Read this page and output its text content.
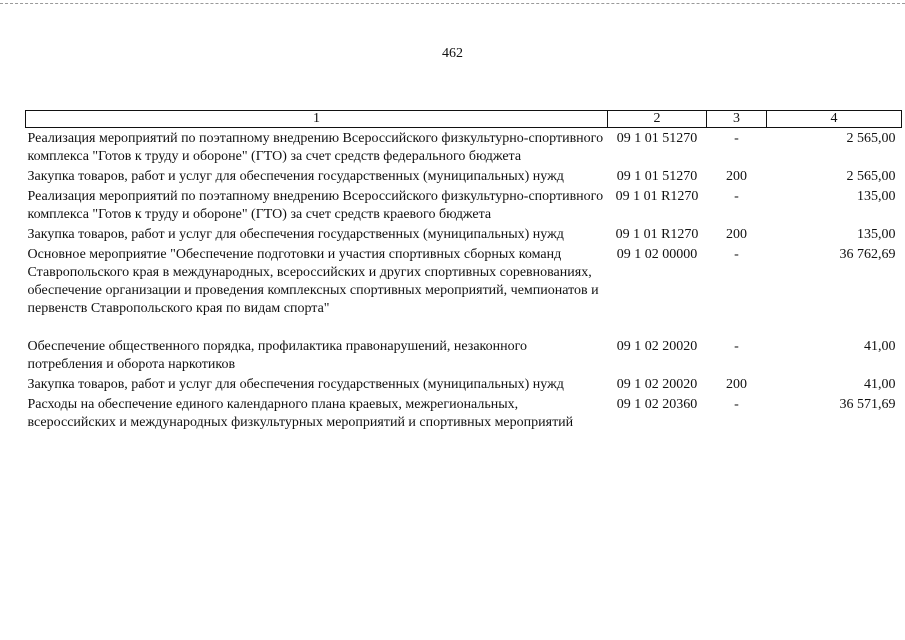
462
1	2	3	4
Реализация мероприятий по поэтапному внедрению Всероссийского физкультурно-спортивного комплекса "Готов к труду и обороне" (ГТО) за счет средств федерального бюджета	09 1 01 51270	-	2 565,00
Закупка товаров, работ и услуг для обеспечения государственных (муниципальных) нужд	09 1 01 51270	200	2 565,00
Реализация мероприятий по поэтапному внедрению Всероссийского физкультурно-спортивного комплекса "Готов к труду и обороне" (ГТО) за счет средств краевого бюджета	09 1 01 R1270	-	135,00
Закупка товаров, работ и услуг для обеспечения государственных (муниципальных) нужд	09 1 01 R1270	200	135,00
Основное мероприятие "Обеспечение подготовки и участия спортивных сборных команд Ставропольского края в международных, всероссийских и других спортивных соревнованиях, обеспечение организации и проведения комплексных спортивных мероприятий, чемпионатов и первенств Ставропольского края по видам спорта"	09 1 02 00000	-	36 762,69
Обеспечение общественного порядка, профилактика правонарушений, незаконного потребления и оборота наркотиков	09 1 02 20020	-	41,00
Закупка товаров, работ и услуг для обеспечения государственных (муниципальных) нужд	09 1 02 20020	200	41,00
Расходы на обеспечение единого календарного плана краевых, межрегиональных, всероссийских и международных физкультурных мероприятий и спортивных мероприятий	09 1 02 20360	-	36 571,69
